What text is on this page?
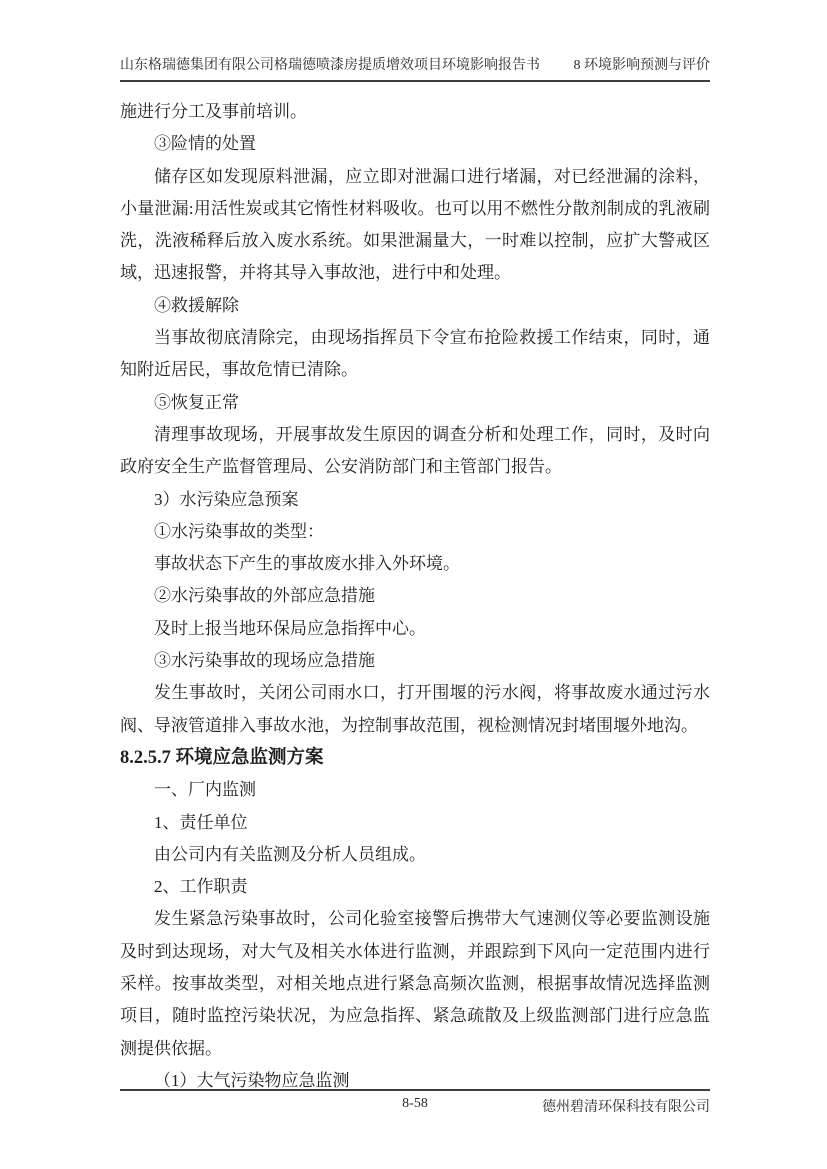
山东格瑞德集团有限公司格瑞德喷漆房提质增效项目环境影响报告书 8 环境影响预测与评价

施进行分工及事前培训。

③险情的处置

储存区如发现原料泄漏，应立即对泄漏口进行堵漏，对已经泄漏的涂料，小量泄漏:用活性炭或其它惰性材料吸收。也可以用不燃性分散剂制成的乳液刷洗，洗液稀释后放入废水系统。如果泄漏量大，一时难以控制，应扩大警戒区域，迅速报警，并将其导入事故池，进行中和处理。

④救援解除

当事故彻底清除完，由现场指挥员下令宣布抢险救援工作结束，同时，通知附近居民，事故危情已清除。

⑤恢复正常

清理事故现场，开展事故发生原因的调查分析和处理工作，同时，及时向政府安全生产监督管理局、公安消防部门和主管部门报告。

3）水污染应急预案

①水污染事故的类型：

事故状态下产生的事故废水排入外环境。

②水污染事故的外部应急措施

及时上报当地环保局应急指挥中心。

③水污染事故的现场应急措施

发生事故时，关闭公司雨水口，打开围堰的污水阀，将事故废水通过污水阀、导液管道排入事故水池，为控制事故范围，视检测情况封堵围堰外地沟。

8.2.5.7 环境应急监测方案

一、厂内监测

1、责任单位

由公司内有关监测及分析人员组成。

2、工作职责

发生紧急污染事故时，公司化验室接警后携带大气速测仪等必要监测设施及时到达现场，对大气及相关水体进行监测，并跟踪到下风向一定范围内进行采样。按事故类型，对相关地点进行紧急高频次监测，根据事故情况选择监测项目，随时监控污染状况，为应急指挥、紧急疏散及上级监测部门进行应急监测提供依据。

（1）大气污染物应急监测

8-58	德州碧清环保科技有限公司
